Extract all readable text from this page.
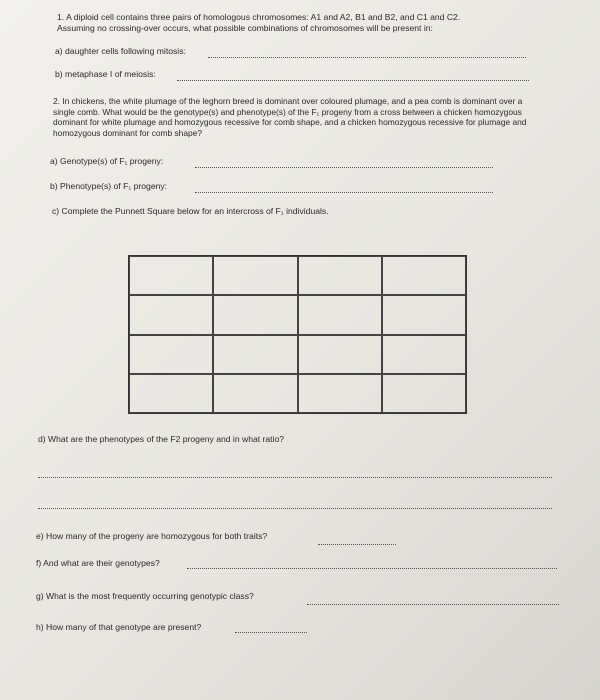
1. A diploid cell contains three pairs of homologous chromosomes: A1 and A2, B1 and B2, and C1 and C2.
Assuming no crossing-over occurs, what possible combinations of chromosomes will be present in:
a) daughter cells following mitosis:
b) metaphase I of meiosis:
2. In chickens, the white plumage of the leghorn breed is dominant over coloured plumage, and a pea comb is dominant over a single comb. What would be the genotype(s) and phenotype(s) of the F₁ progeny from a cross between a chicken homozygous dominant for white plumage and homozygous recessive for comb shape, and a chicken homozygous recessive for plumage and homozygous dominant for comb shape?
a) Genotype(s) of F₁ progeny:
b) Phenotype(s) of F₁ progeny:
c) Complete the Punnett Square below for an intercross of F₁ individuals.
d) What are the phenotypes of the F2 progeny and in what ratio?
e) How many of the progeny are homozygous for both traits?
f) And what are their genotypes?
g) What is the most frequently occurring genotypic class?
h) How many of that genotype are present?
